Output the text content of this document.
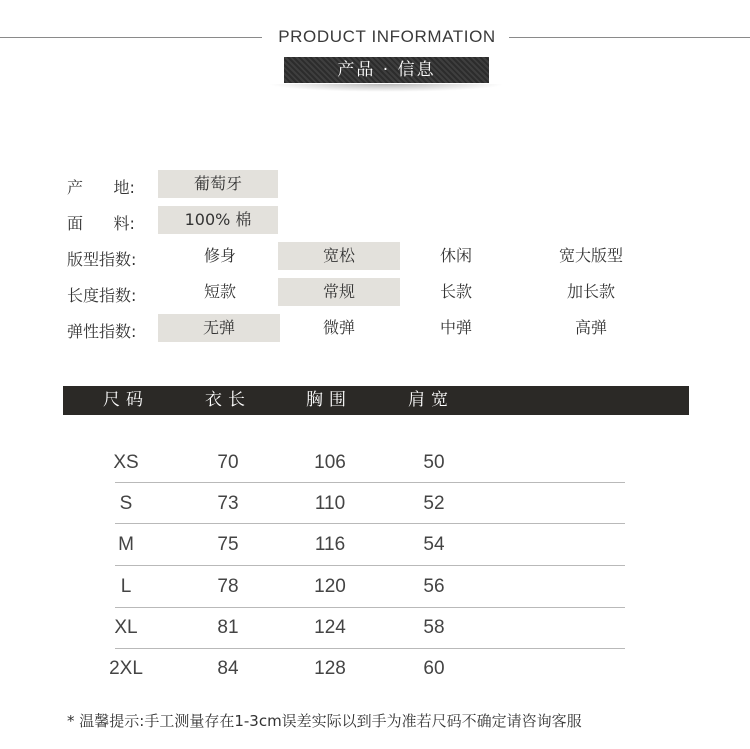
PRODUCT INFORMATION
产品 · 信息
产      地:	葡萄牙
面      料:	100% 棉
版型指数:	修身	宽松	休闲	宽大版型
长度指数:	短款	常规	长款	加长款
弹性指数:	无弹	微弹	中弹	高弹
尺码	衣长	胸围	肩宽
XS	70	106	50
S	73	110	52
M	75	116	54
L	78	120	56
XL	81	124	58
2XL	84	128	60
* 温馨提示:手工测量存在1-3cm误差实际以到手为准若尺码不确定请咨询客服
